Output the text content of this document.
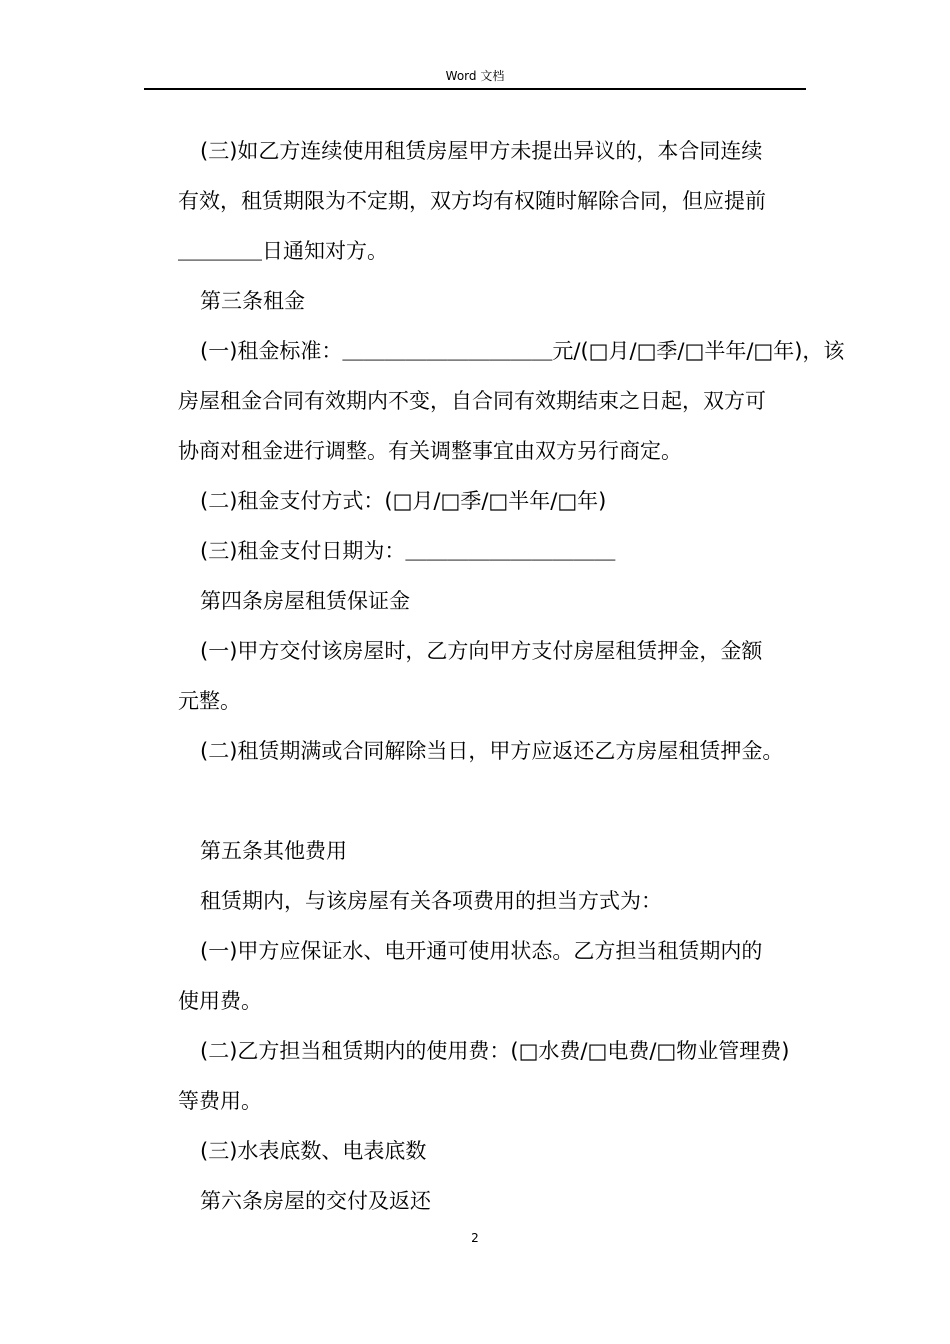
Word 文档

(三)如乙方连续使用租赁房屋甲方未提出异议的，本合同连续

有效，租赁期限为不定期，双方均有权随时解除合同，但应提前

＿＿＿＿日通知对方。

第三条租金

(一)租金标准：＿＿＿＿＿＿＿＿＿＿元/(□月/□季/□半年/□年)，该

房屋租金合同有效期内不变，自合同有效期结束之日起，双方可

协商对租金进行调整。有关调整事宜由双方另行商定。

(二)租金支付方式：(□月/□季/□半年/□年)

(三)租金支付日期为：＿＿＿＿＿＿＿＿＿＿

第四条房屋租赁保证金

(一)甲方交付该房屋时，乙方向甲方支付房屋租赁押金，金额

元整。

(二)租赁期满或合同解除当日，甲方应返还乙方房屋租赁押金。

第五条其他费用

租赁期内，与该房屋有关各项费用的担当方式为：

(一)甲方应保证水、电开通可使用状态。乙方担当租赁期内的

使用费。

(二)乙方担当租赁期内的使用费：(□水费/□电费/□物业管理费)

等费用。

(三)水表底数、电表底数

第六条房屋的交付及返还

2
